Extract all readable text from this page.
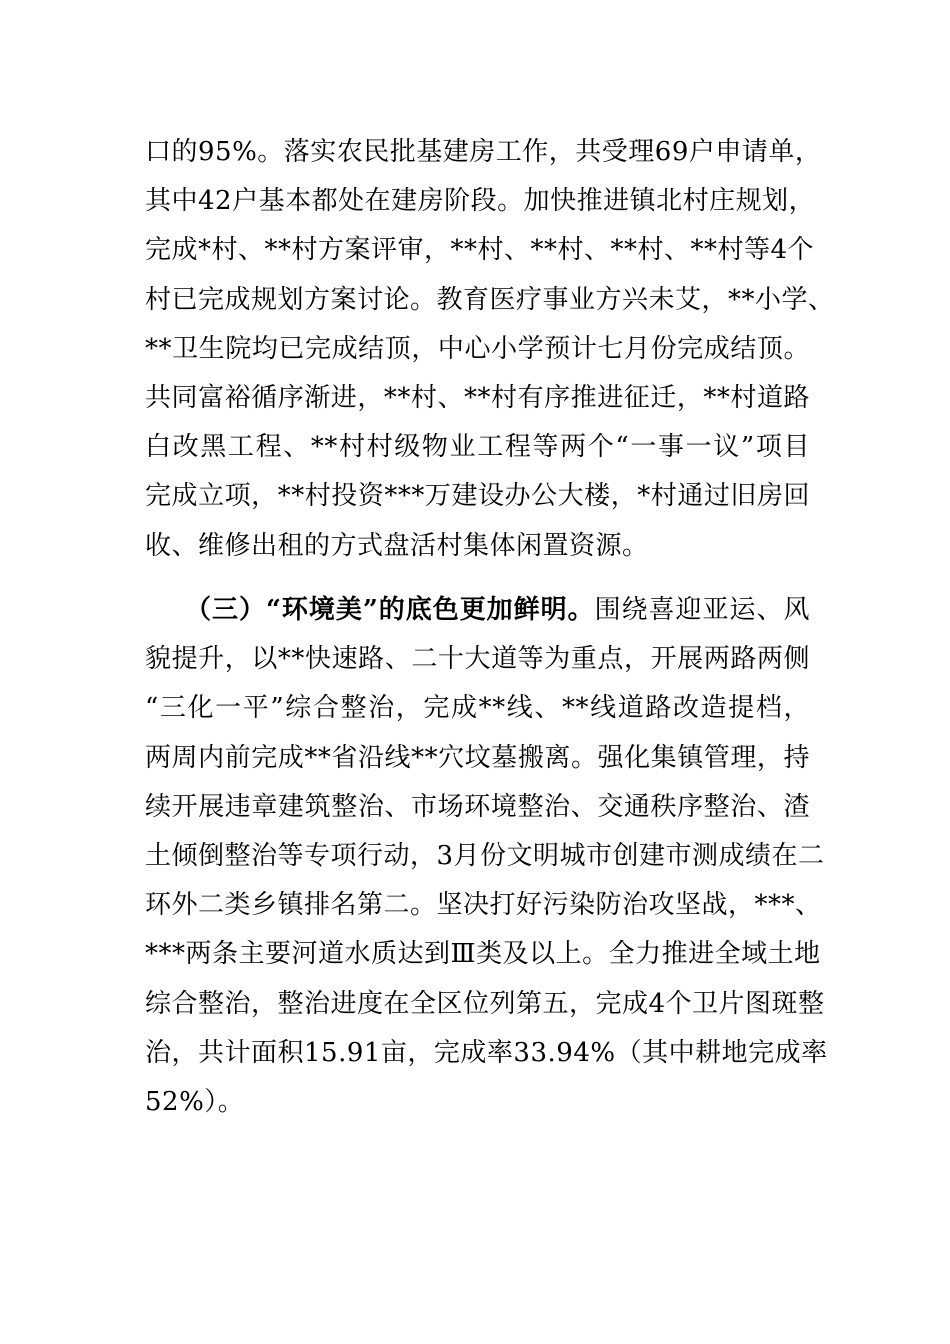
口的95%。落实农民批基建房工作，共受理69户申请单，
其中42户基本都处在建房阶段。加快推进镇北村庄规划，
完成*村、**村方案评审，**村、**村、**村、**村等4个
村已完成规划方案讨论。教育医疗事业方兴未艾，**小学、
**卫生院均已完成结顶，中心小学预计七月份完成结顶。
共同富裕循序渐进，**村、**村有序推进征迁，**村道路
白改黑工程、**村村级物业工程等两个“一事一议”项目
完成立项，**村投资***万建设办公大楼，*村通过旧房回
收、维修出租的方式盘活村集体闲置资源。
（三）“环境美”的底色更加鲜明。围绕喜迎亚运、风
貌提升，以**快速路、二十大道等为重点，开展两路两侧
“三化一平”综合整治，完成**线、**线道路改造提档，
两周内前完成**省沿线**穴坟墓搬离。强化集镇管理，持
续开展违章建筑整治、市场环境整治、交通秩序整治、渣
土倾倒整治等专项行动，3月份文明城市创建市测成绩在二
环外二类乡镇排名第二。坚决打好污染防治攻坚战，***、
***两条主要河道水质达到Ⅲ类及以上。全力推进全域土地
综合整治，整治进度在全区位列第五，完成4个卫片图斑整
治，共计面积15.91亩，完成率33.94%（其中耕地完成率
52%）。
